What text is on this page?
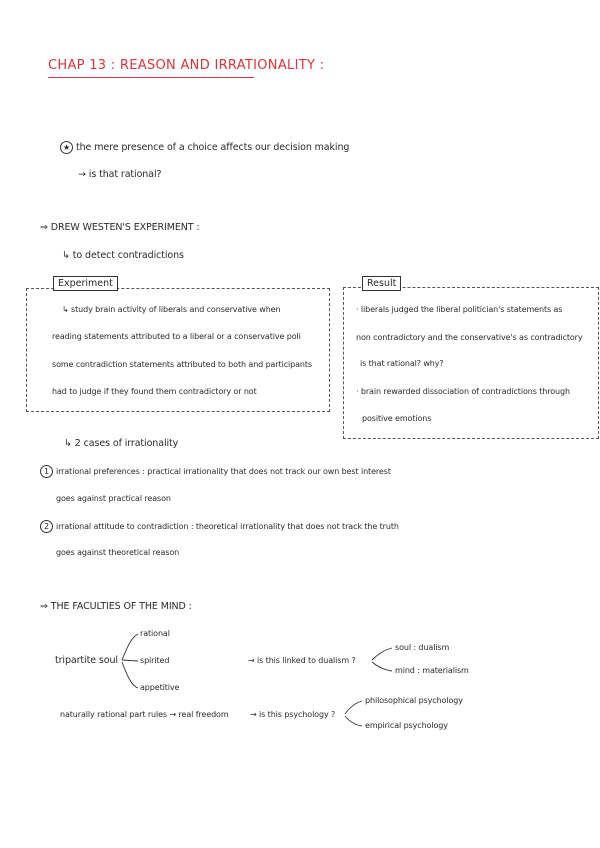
CHAP 13 : REASON AND IRRATIONALITY :
★ the mere presence of a choice affects our decision making
→ is that rational?
⇒ DREW WESTEN'S EXPERIMENT :
↳ to detect contradictions
Experiment
↳ study brain activity of liberals and conservative when
reading statements attributed to a liberal or a conservative poli
some contradiction statements attributed to both and participants
had to judge if they found them contradictory or not
Result
· liberals judged the liberal politician's statements as
non contradictory and the conservative's as contradictory
is that rational? why?
· brain rewarded dissociation of contradictions through
positive emotions
↳ 2 cases of irrationality
1 irrational preferences : practical irrationality that does not track our own best interest
goes against practical reason
2 irrational attitude to contradiction : theoretical irrationality that does not track the truth
goes against theoretical reason
⇒ THE FACULTIES OF THE MIND :
tripartite soul
rational
spirited
appetitive
→ is this linked to dualism ?
soul : dualism
mind : materialism
naturally rational part rules → real freedom	→ is this psychology ?
philosophical psychology
empirical psychology
